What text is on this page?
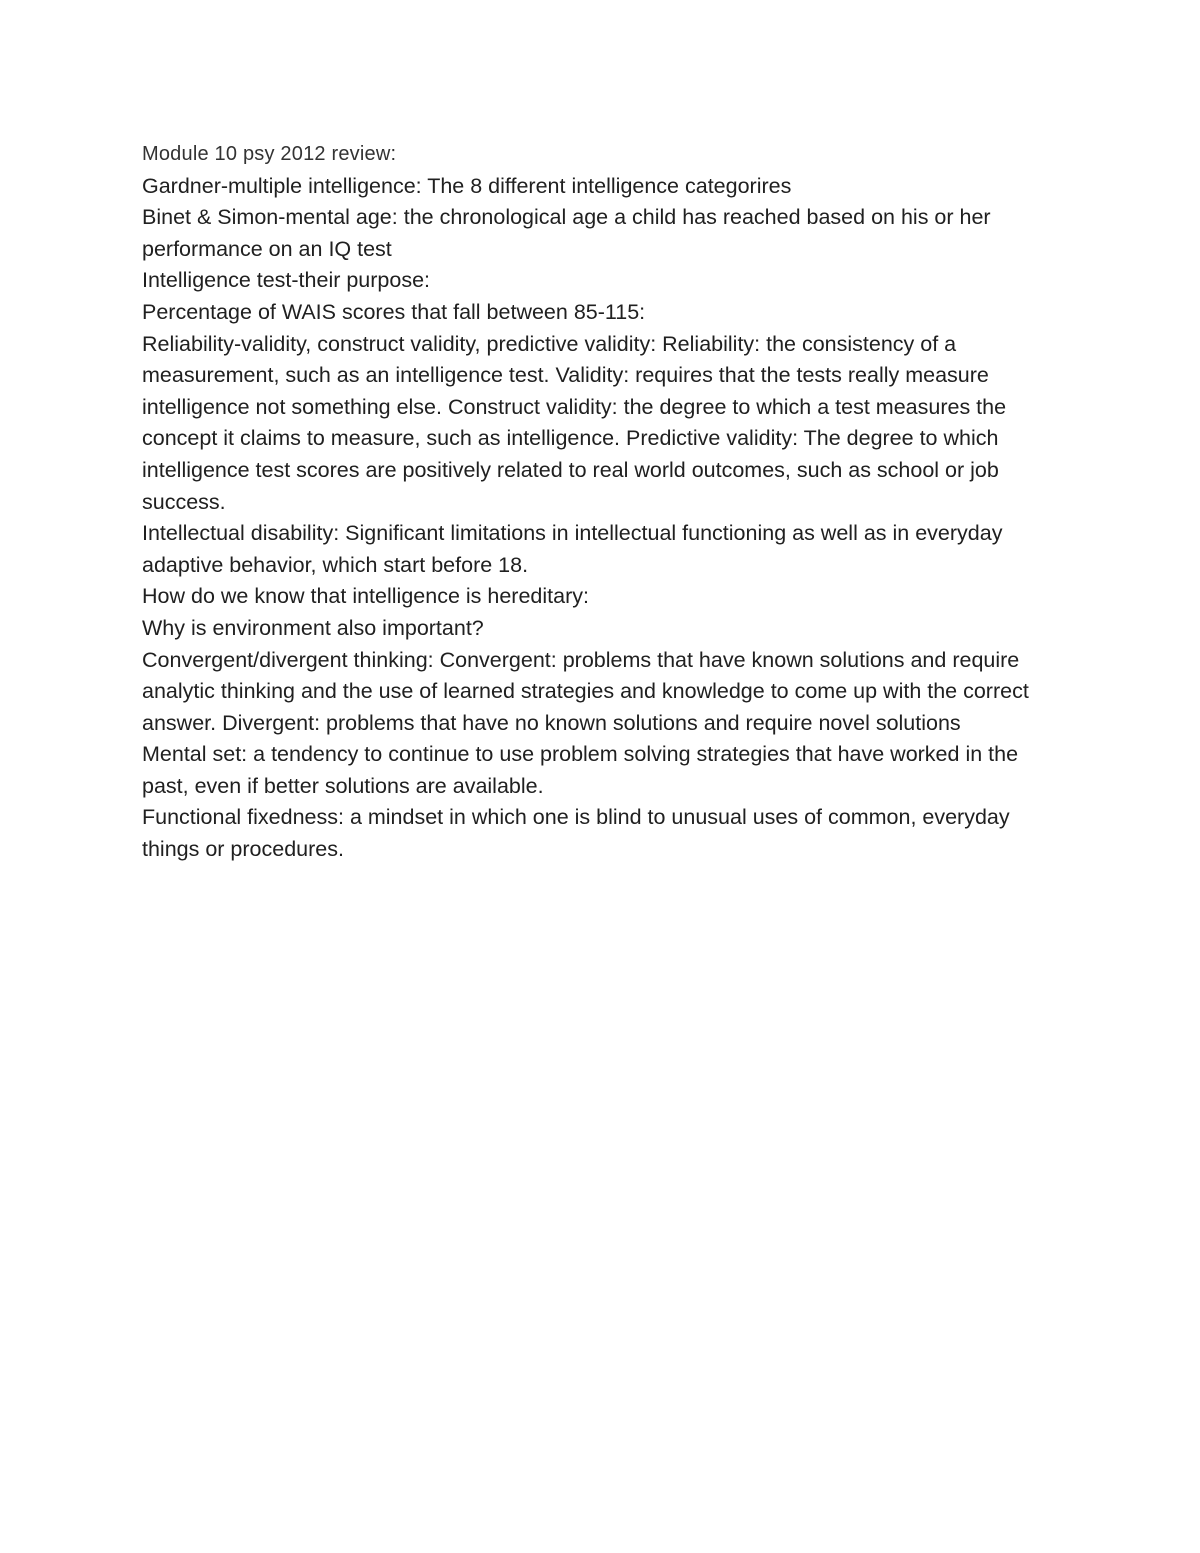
Module 10 psy 2012 review:
Gardner-multiple intelligence: The 8 different intelligence categorires
Binet & Simon-mental age: the chronological age a child has reached based on his or her performance on an IQ test
Intelligence test-their purpose:
Percentage of WAIS scores that fall between 85-115:
Reliability-validity, construct validity, predictive validity: Reliability: the consistency of a measurement, such as an intelligence test. Validity: requires that the tests really measure intelligence not something else. Construct validity: the degree to which a test measures the concept it claims to measure, such as intelligence. Predictive validity: The degree to which intelligence test scores are positively related to real world outcomes, such as school or job success.
Intellectual disability: Significant limitations in intellectual functioning as well as in everyday adaptive behavior, which start before 18.
How do we know that intelligence is hereditary:
Why is environment also important?
Convergent/divergent thinking: Convergent: problems that have known solutions and require analytic thinking and the use of learned strategies and knowledge to come up with the correct answer. Divergent: problems that have no known solutions and require novel solutions
Mental set: a tendency to continue to use problem solving strategies that have worked in the past, even if better solutions are available.
Functional fixedness: a mindset in which one is blind to unusual uses of common, everyday things or procedures.
